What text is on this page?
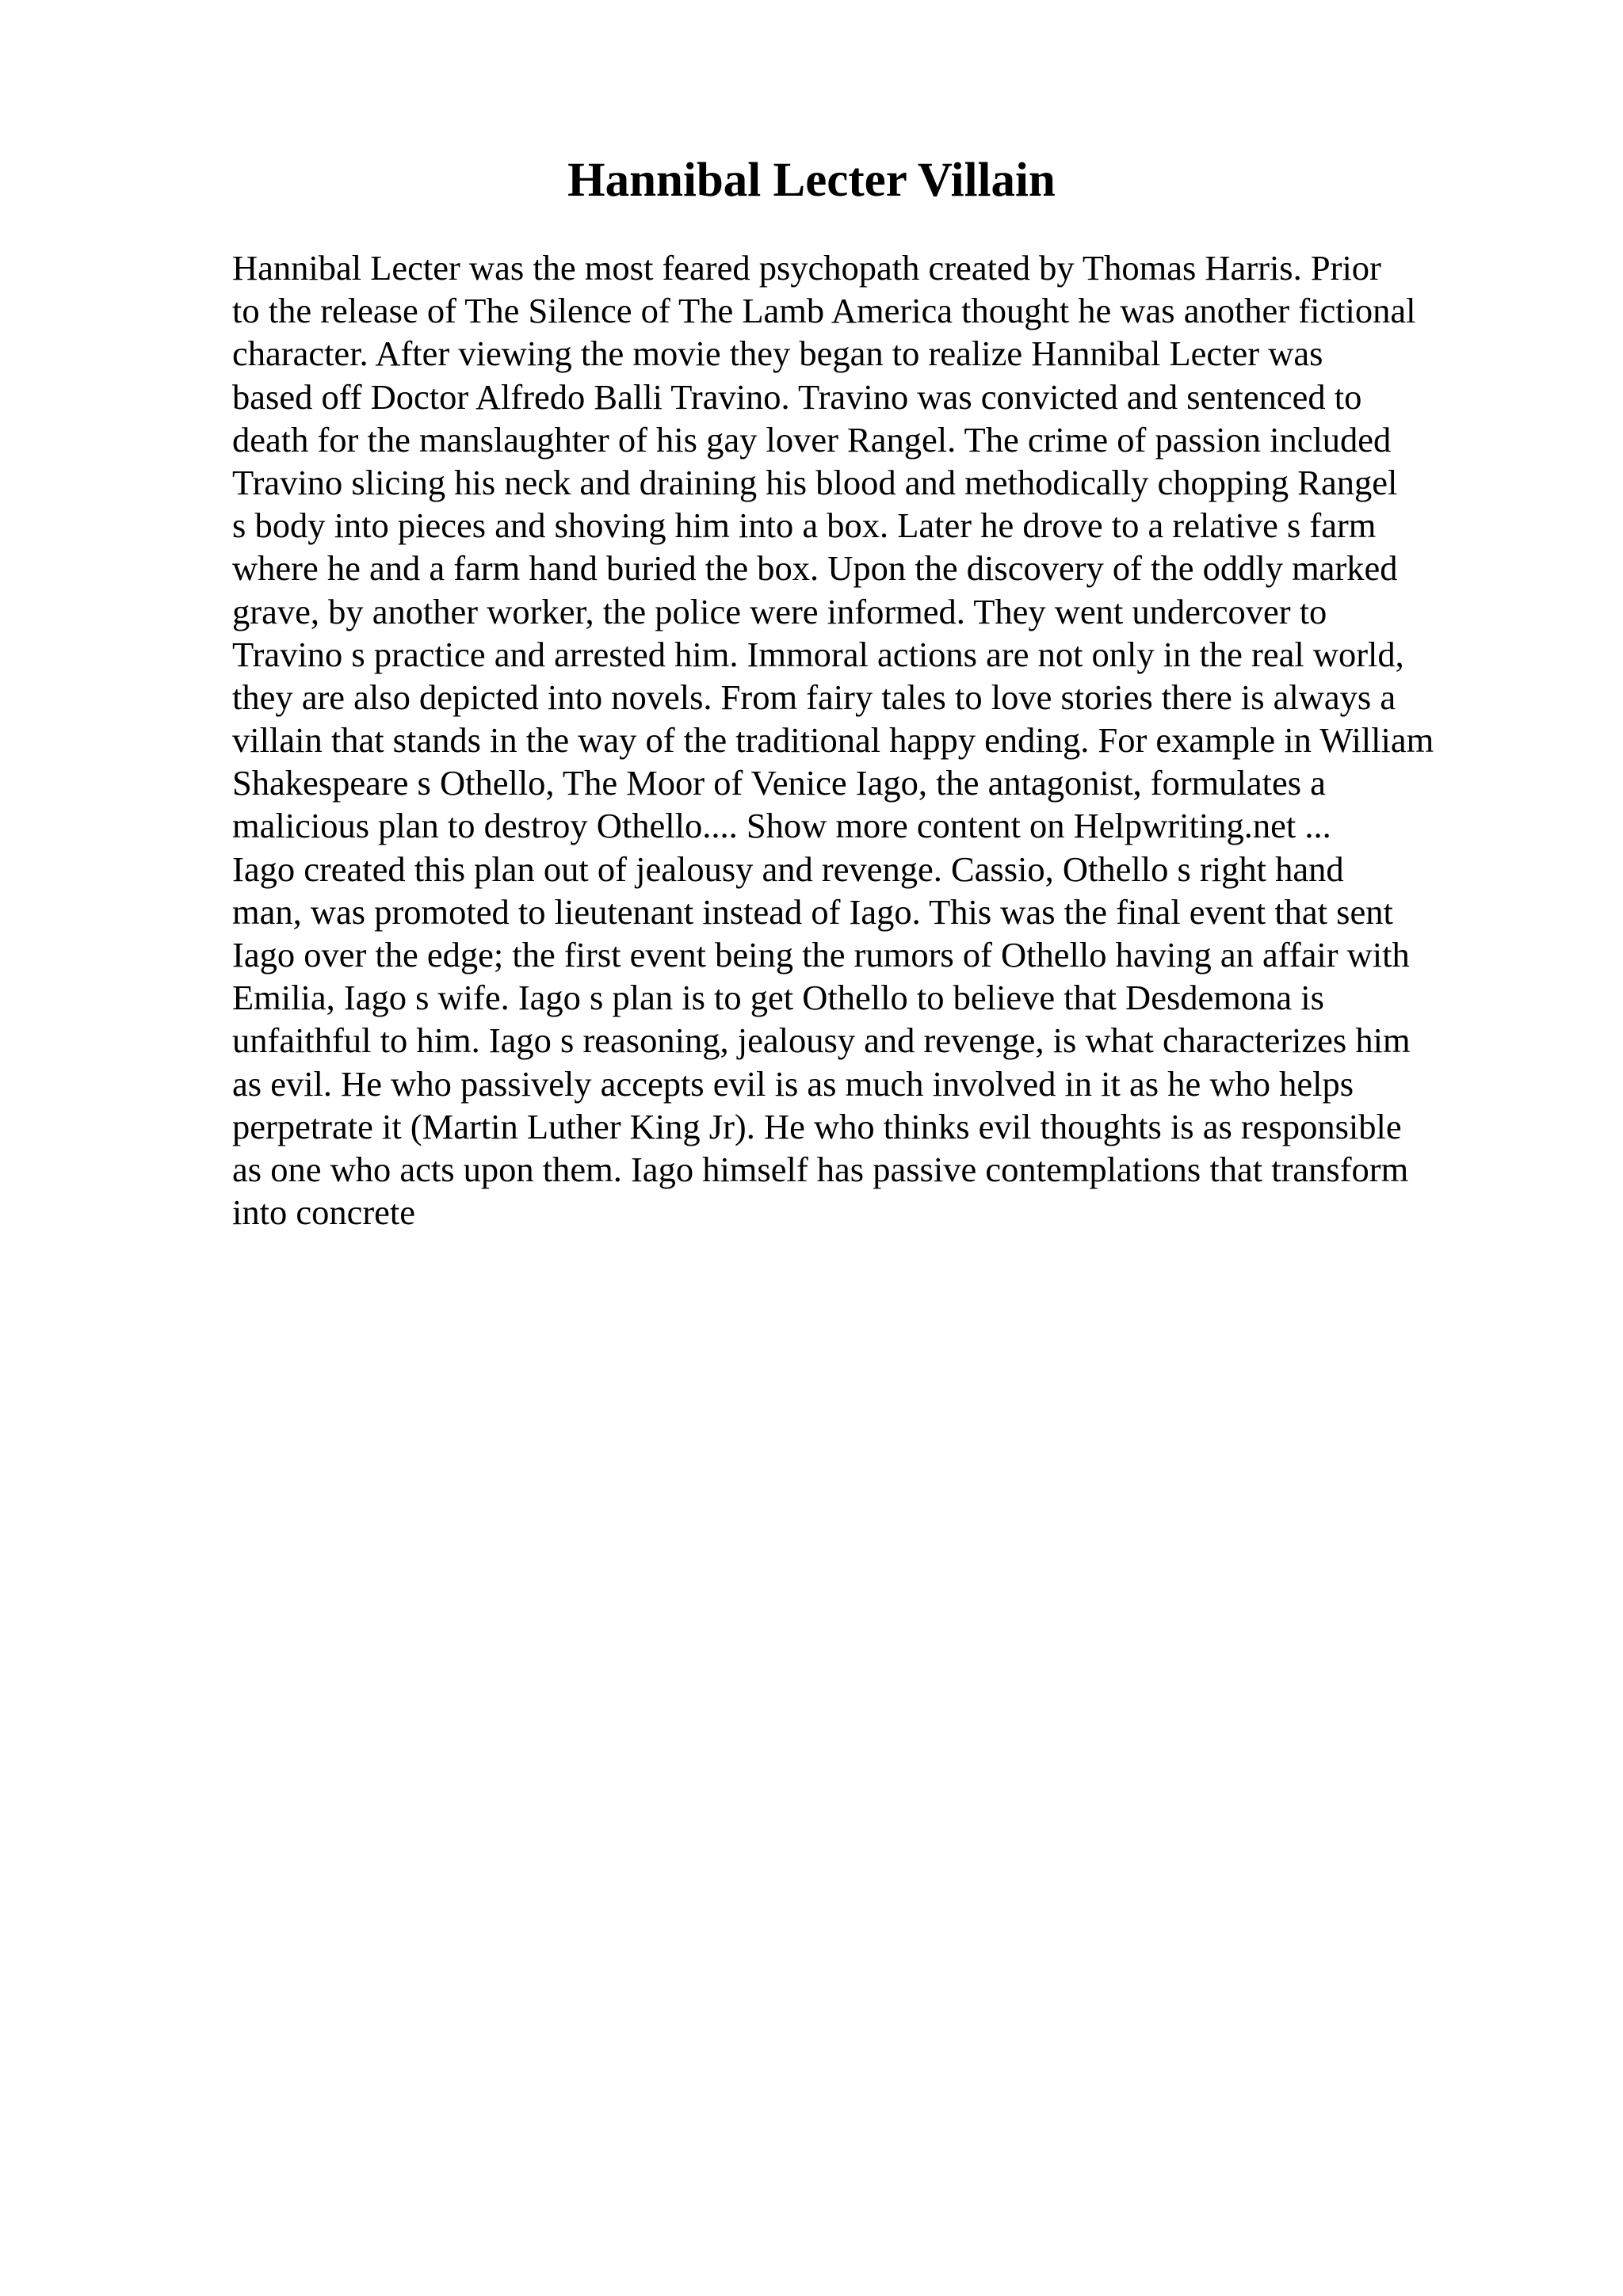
Hannibal Lecter Villain
Hannibal Lecter was the most feared psychopath created by Thomas Harris. Prior
to the release of The Silence of The Lamb America thought he was another fictional
character. After viewing the movie they began to realize Hannibal Lecter was
based off Doctor Alfredo Balli Travino. Travino was convicted and sentenced to
death for the manslaughter of his gay lover Rangel. The crime of passion included
Travino slicing his neck and draining his blood and methodically chopping Rangel
s body into pieces and shoving him into a box. Later he drove to a relative s farm
where he and a farm hand buried the box. Upon the discovery of the oddly marked
grave, by another worker, the police were informed. They went undercover to
Travino s practice and arrested him. Immoral actions are not only in the real world,
they are also depicted into novels. From fairy tales to love stories there is always a
villain that stands in the way of the traditional happy ending. For example in William
Shakespeare s Othello, The Moor of Venice Iago, the antagonist, formulates a
malicious plan to destroy Othello.... Show more content on Helpwriting.net ...
Iago created this plan out of jealousy and revenge. Cassio, Othello s right hand
man, was promoted to lieutenant instead of Iago. This was the final event that sent
Iago over the edge; the first event being the rumors of Othello having an affair with
Emilia, Iago s wife. Iago s plan is to get Othello to believe that Desdemona is
unfaithful to him. Iago s reasoning, jealousy and revenge, is what characterizes him
as evil. He who passively accepts evil is as much involved in it as he who helps
perpetrate it (Martin Luther King Jr). He who thinks evil thoughts is as responsible
as one who acts upon them. Iago himself has passive contemplations that transform
into concrete
